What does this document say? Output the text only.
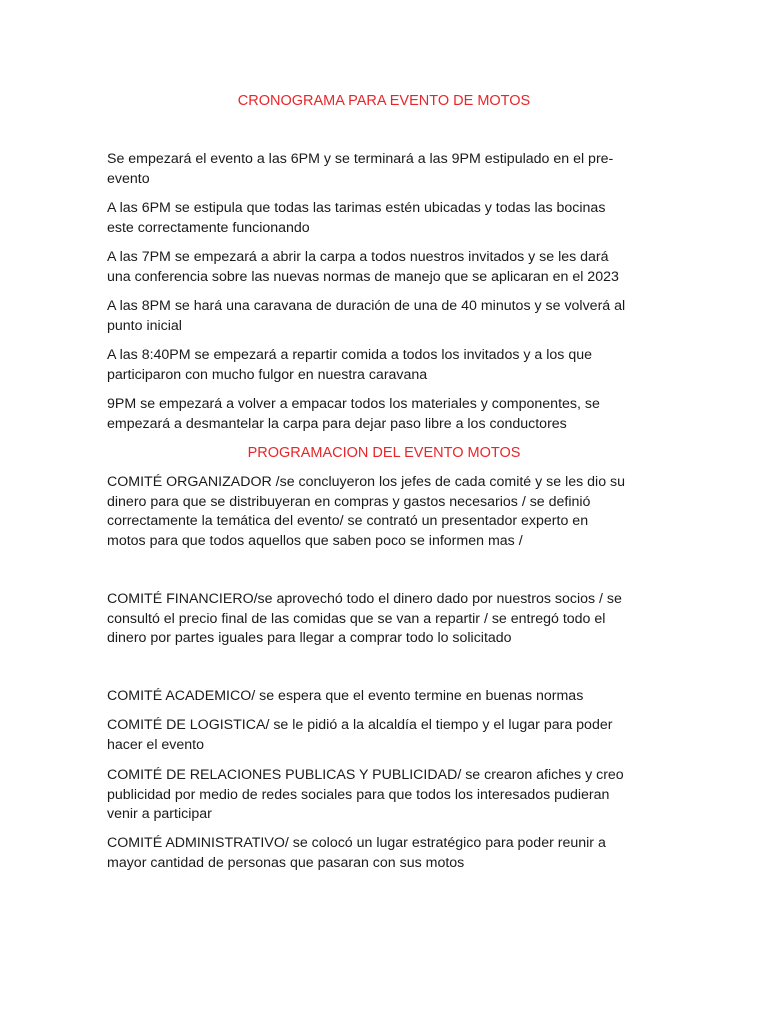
CRONOGRAMA PARA EVENTO DE MOTOS
Se empezará el evento a las 6PM y se terminará a las 9PM estipulado en el pre-
evento
A las 6PM se estipula que todas las tarimas estén ubicadas y todas las bocinas
este correctamente funcionando
A las 7PM se empezará a abrir la carpa a todos nuestros invitados y se les dará
una conferencia sobre las nuevas normas de manejo que se aplicaran en el 2023
A las 8PM se hará una caravana de duración de una de 40 minutos y se volverá al
punto inicial
A las 8:40PM se empezará a repartir comida a todos los invitados y a los que
participaron con mucho fulgor en nuestra caravana
9PM se empezará a volver a empacar todos los materiales y componentes, se
empezará a desmantelar la carpa para dejar paso libre a los conductores
PROGRAMACION DEL EVENTO MOTOS
COMITÉ ORGANIZADOR /se concluyeron los jefes de cada comité y se les dio su
dinero para que se distribuyeran en compras y gastos necesarios / se definió
correctamente la temática del evento/ se contrató un presentador experto en
motos para que todos aquellos que saben poco se informen mas /
COMITÉ FINANCIERO/se aprovechó todo el dinero dado por nuestros socios / se
consultó el precio final de las comidas que se van a repartir / se entregó todo el
dinero por partes iguales para llegar a comprar todo lo solicitado
COMITÉ ACADEMICO/ se espera que el evento termine en buenas normas
COMITÉ DE LOGISTICA/ se le pidió a la alcaldía el tiempo y el lugar para poder
hacer el evento
COMITÉ DE RELACIONES PUBLICAS Y PUBLICIDAD/ se crearon afiches y creo
publicidad por medio de redes sociales para que todos los interesados pudieran
venir a participar
COMITÉ ADMINISTRATIVO/ se colocó un lugar estratégico para poder reunir a
mayor cantidad de personas que pasaran con sus motos
